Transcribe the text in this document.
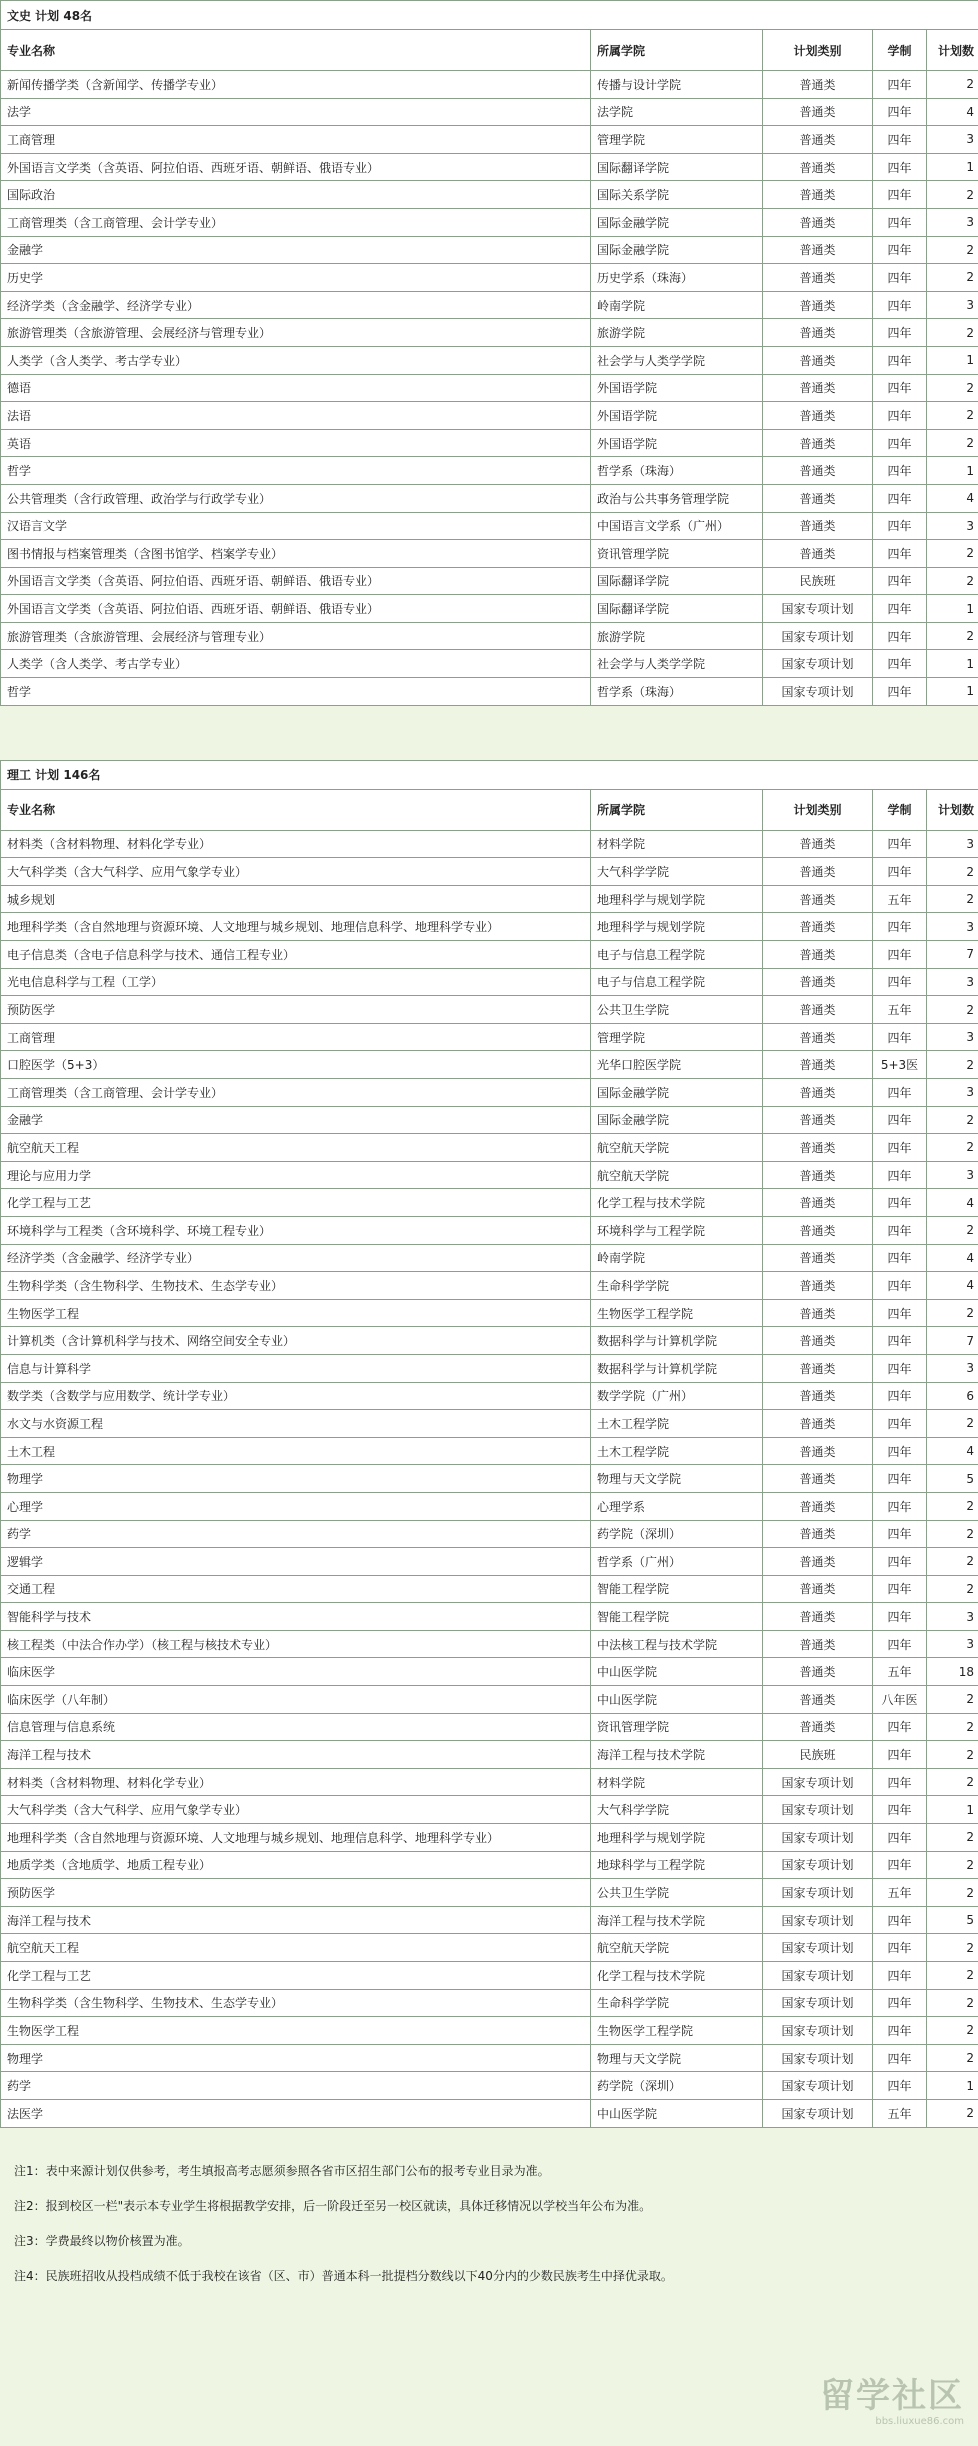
文史 计划 48名				
专业名称	所属学院	计划类别	学制	计划数
新闻传播学类（含新闻学、传播学专业）	传播与设计学院	普通类	四年	2
法学	法学院	普通类	四年	4
工商管理	管理学院	普通类	四年	3
外国语言文学类（含英语、阿拉伯语、西班牙语、朝鲜语、俄语专业）	国际翻译学院	普通类	四年	1
国际政治	国际关系学院	普通类	四年	2
工商管理类（含工商管理、会计学专业）	国际金融学院	普通类	四年	3
金融学	国际金融学院	普通类	四年	2
历史学	历史学系（珠海）	普通类	四年	2
经济学类（含金融学、经济学专业）	岭南学院	普通类	四年	3
旅游管理类（含旅游管理、会展经济与管理专业）	旅游学院	普通类	四年	2
人类学（含人类学、考古学专业）	社会学与人类学学院	普通类	四年	1
德语	外国语学院	普通类	四年	2
法语	外国语学院	普通类	四年	2
英语	外国语学院	普通类	四年	2
哲学	哲学系（珠海）	普通类	四年	1
公共管理类（含行政管理、政治学与行政学专业）	政治与公共事务管理学院	普通类	四年	4
汉语言文学	中国语言文学系（广州）	普通类	四年	3
图书情报与档案管理类（含图书馆学、档案学专业）	资讯管理学院	普通类	四年	2
外国语言文学类（含英语、阿拉伯语、西班牙语、朝鲜语、俄语专业）	国际翻译学院	民族班	四年	2
外国语言文学类（含英语、阿拉伯语、西班牙语、朝鲜语、俄语专业）	国际翻译学院	国家专项计划	四年	1
旅游管理类（含旅游管理、会展经济与管理专业）	旅游学院	国家专项计划	四年	2
人类学（含人类学、考古学专业）	社会学与人类学学院	国家专项计划	四年	1
哲学	哲学系（珠海）	国家专项计划	四年	1
理工 计划 146名				
专业名称	所属学院	计划类别	学制	计划数
材料类（含材料物理、材料化学专业）	材料学院	普通类	四年	3
大气科学类（含大气科学、应用气象学专业）	大气科学学院	普通类	四年	2
城乡规划	地理科学与规划学院	普通类	五年	2
地理科学类（含自然地理与资源环境、人文地理与城乡规划、地理信息科学、地理科学专业）	地理科学与规划学院	普通类	四年	3
电子信息类（含电子信息科学与技术、通信工程专业）	电子与信息工程学院	普通类	四年	7
光电信息科学与工程（工学）	电子与信息工程学院	普通类	四年	3
预防医学	公共卫生学院	普通类	五年	2
工商管理	管理学院	普通类	四年	3
口腔医学（5+3）	光华口腔医学院	普通类	5+3医	2
工商管理类（含工商管理、会计学专业）	国际金融学院	普通类	四年	3
金融学	国际金融学院	普通类	四年	2
航空航天工程	航空航天学院	普通类	四年	2
理论与应用力学	航空航天学院	普通类	四年	3
化学工程与工艺	化学工程与技术学院	普通类	四年	4
环境科学与工程类（含环境科学、环境工程专业）	环境科学与工程学院	普通类	四年	2
经济学类（含金融学、经济学专业）	岭南学院	普通类	四年	4
生物科学类（含生物科学、生物技术、生态学专业）	生命科学学院	普通类	四年	4
生物医学工程	生物医学工程学院	普通类	四年	2
计算机类（含计算机科学与技术、网络空间安全专业）	数据科学与计算机学院	普通类	四年	7
信息与计算科学	数据科学与计算机学院	普通类	四年	3
数学类（含数学与应用数学、统计学专业）	数学学院（广州）	普通类	四年	6
水文与水资源工程	土木工程学院	普通类	四年	2
土木工程	土木工程学院	普通类	四年	4
物理学	物理与天文学院	普通类	四年	5
心理学	心理学系	普通类	四年	2
药学	药学院（深圳）	普通类	四年	2
逻辑学	哲学系（广州）	普通类	四年	2
交通工程	智能工程学院	普通类	四年	2
智能科学与技术	智能工程学院	普通类	四年	3
核工程类（中法合作办学）（核工程与核技术专业）	中法核工程与技术学院	普通类	四年	3
临床医学	中山医学院	普通类	五年	18
临床医学（八年制）	中山医学院	普通类	八年医	2
信息管理与信息系统	资讯管理学院	普通类	四年	2
海洋工程与技术	海洋工程与技术学院	民族班	四年	2
材料类（含材料物理、材料化学专业）	材料学院	国家专项计划	四年	2
大气科学类（含大气科学、应用气象学专业）	大气科学学院	国家专项计划	四年	1
地理科学类（含自然地理与资源环境、人文地理与城乡规划、地理信息科学、地理科学专业）	地理科学与规划学院	国家专项计划	四年	2
地质学类（含地质学、地质工程专业）	地球科学与工程学院	国家专项计划	四年	2
预防医学	公共卫生学院	国家专项计划	五年	2
海洋工程与技术	海洋工程与技术学院	国家专项计划	四年	5
航空航天工程	航空航天学院	国家专项计划	四年	2
化学工程与工艺	化学工程与技术学院	国家专项计划	四年	2
生物科学类（含生物科学、生物技术、生态学专业）	生命科学学院	国家专项计划	四年	2
生物医学工程	生物医学工程学院	国家专项计划	四年	2
物理学	物理与天文学院	国家专项计划	四年	2
药学	药学院（深圳）	国家专项计划	四年	1
法医学	中山医学院	国家专项计划	五年	2
注1：表中来源计划仅供参考，考生填报高考志愿须参照各省市区招生部门公布的报考专业目录为准。
注2：报到校区一栏"表示本专业学生将根据教学安排，后一阶段迁至另一校区就读，具体迁移情况以学校当年公布为准。
注3：学费最终以物价核置为准。
注4：民族班招收从投档成绩不低于我校在该省（区、市）普通本科一批提档分数线以下40分内的少数民族考生中择优录取。
留学社区
bbs.liuxue86.com
